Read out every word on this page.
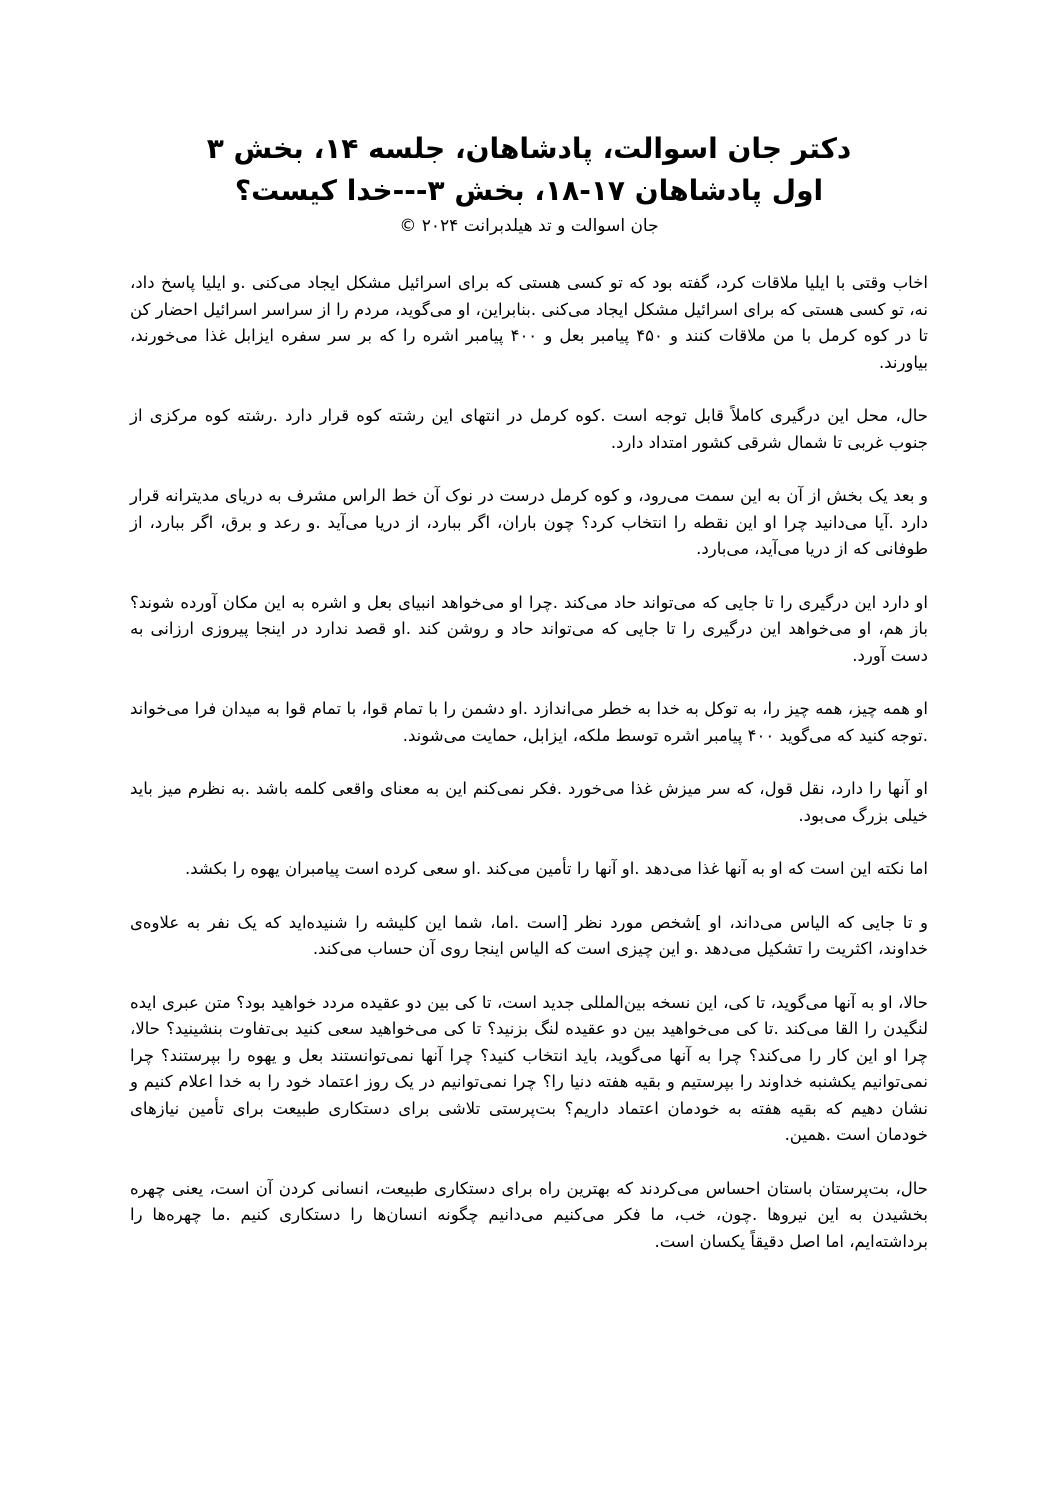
دکتر جان اسوالت، پادشاهان، جلسه ۱۴، بخش ۳
اول پادشاهان ۱۷-۱۸، بخش ۳---خدا کیست؟

جان اسوالت و تد هیلدبرانت ۲۰۲۴ ©

اخاب وقتی با ایلیا ملاقات کرد، گفته بود که تو کسی هستی که برای اسرائیل مشکل ایجاد می‌کنی .و ایلیا پاسخ داد، نه، تو کسی هستی که برای اسرائیل مشکل ایجاد می‌کنی .بنابراین، او می‌گوید، مردم را از سراسر اسرائیل احضار کن تا در کوه کرمل با من ملاقات کنند و ۴۵۰ پیامبر بعل و ۴۰۰ پیامبر اشره را که بر سر سفره ایزابل غذا می‌خورند، بیاورند.

حال، محل این درگیری کاملاً قابل توجه است .کوه کرمل در انتهای این رشته کوه قرار دارد .رشته کوه مرکزی از جنوب غربی تا شمال شرقی کشور امتداد دارد.

و بعد یک بخش از آن به این سمت می‌رود، و کوه کرمل درست در نوک آن خط الراس مشرف به دریای مدیترانه قرار دارد .آیا می‌دانید چرا او این نقطه را انتخاب کرد؟ چون باران، اگر ببارد، از دریا می‌آید .و رعد و برق، اگر ببارد، از طوفانی که از دریا می‌آید، می‌بارد.

او دارد این درگیری را تا جایی که می‌تواند حاد می‌کند .چرا او می‌خواهد انبیای بعل و اشره به این مکان آورده شوند؟ باز هم، او می‌خواهد این درگیری را تا جایی که می‌تواند حاد و روشن کند .او قصد ندارد در اینجا پیروزی ارزانی به دست آورد.

او همه چیز، همه چیز را، به توکل به خدا به خطر می‌اندازد .او دشمن را با تمام قوا، با تمام قوا به میدان فرا می‌خواند .توجه کنید که می‌گوید ۴۰۰ پیامبر اشره توسط ملکه، ایزابل، حمایت می‌شوند.

او آنها را دارد، نقل قول، که سر میزش غذا می‌خورد .فکر نمی‌کنم این به معنای واقعی کلمه باشد .به نظرم میز باید خیلی بزرگ می‌بود.

اما نکته این است که او به آنها غذا می‌دهد .او آنها را تأمین می‌کند .او سعی کرده است پیامبران یهوه را بکشد.

و تا جایی که الیاس می‌داند، او ]شخص مورد نظر [است .اما، شما این کلیشه را شنیده‌اید که یک نفر به علاوه‌ی خداوند، اکثریت را تشکیل می‌دهد .و این چیزی است که الیاس اینجا روی آن حساب می‌کند.

حالا، او به آنها می‌گوید، تا کی، این نسخه بین‌المللی جدید است، تا کی بین دو عقیده مردد خواهید بود؟ متن عبری ایده لنگیدن را القا می‌کند .تا کی می‌خواهید بین دو عقیده لنگ بزنید؟ تا کی می‌خواهید سعی کنید بی‌تفاوت بنشینید؟ حالا، چرا او این کار را می‌کند؟ چرا به آنها می‌گوید، باید انتخاب کنید؟ چرا آنها نمی‌توانستند بعل و یهوه را بپرستند؟ چرا نمی‌توانیم یکشنبه خداوند را بپرستیم و بقیه هفته دنیا را؟ چرا نمی‌توانیم در یک روز اعتماد خود را به خدا اعلام کنیم و نشان دهیم که بقیه هفته به خودمان اعتماد داریم؟ بت‌پرستی تلاشی برای دستکاری طبیعت برای تأمین نیازهای خودمان است .همین.

حال، بت‌پرستان باستان احساس می‌کردند که بهترین راه برای دستکاری طبیعت، انسانی کردن آن است، یعنی چهره بخشیدن به این نیروها .چون، خب، ما فکر می‌کنیم می‌دانیم چگونه انسان‌ها را دستکاری کنیم .ما چهره‌ها را برداشته‌ایم، اما اصل دقیقاً یکسان است.
